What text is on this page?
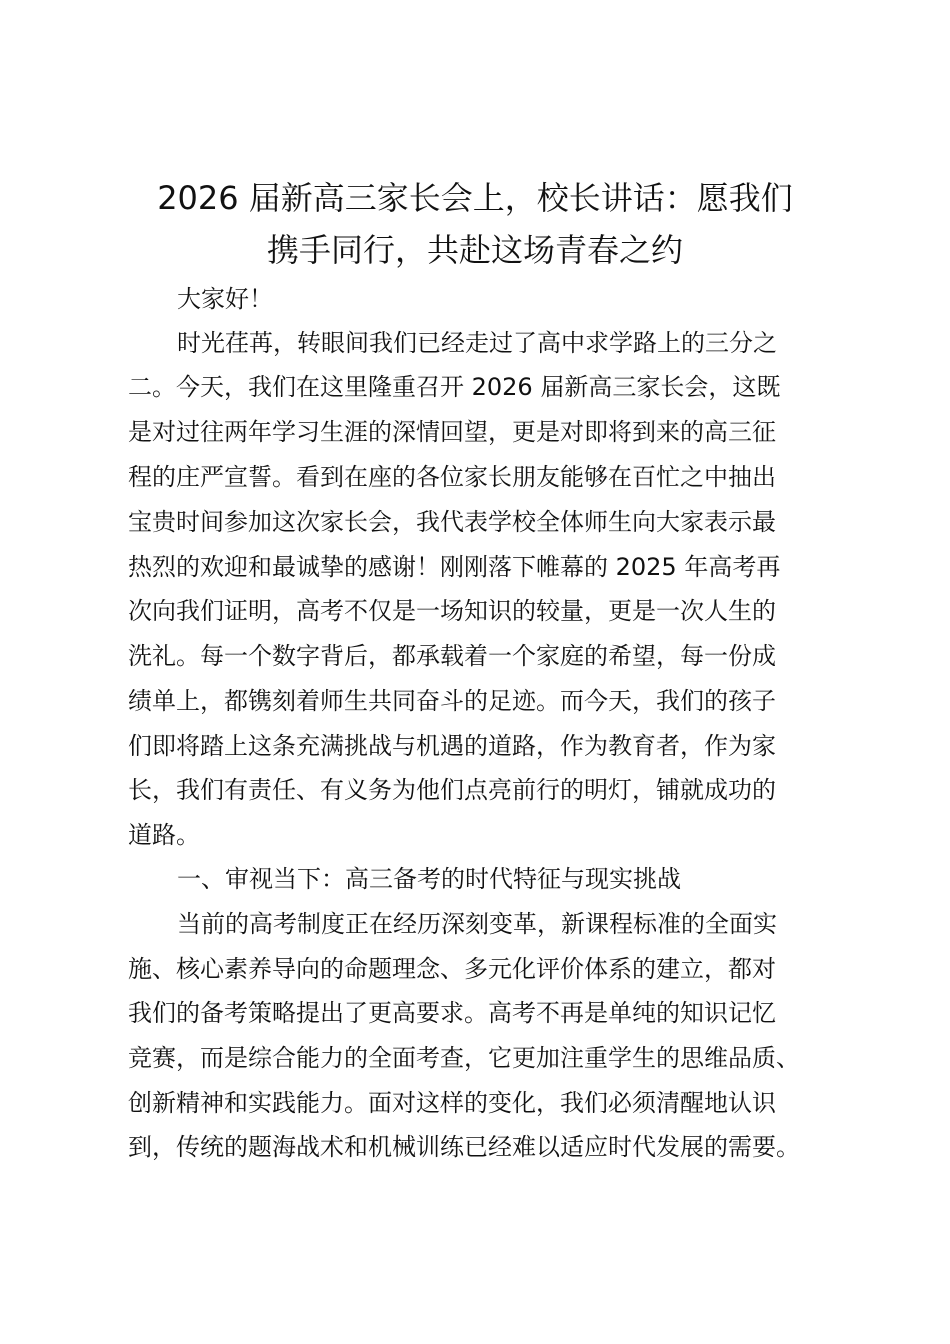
2026 届新高三家长会上，校长讲话：愿我们
携手同行，共赴这场青春之约
大家好！
时光荏苒，转眼间我们已经走过了高中求学路上的三分之
二。今天，我们在这里隆重召开 2026 届新高三家长会，这既
是对过往两年学习生涯的深情回望，更是对即将到来的高三征
程的庄严宣誓。看到在座的各位家长朋友能够在百忙之中抽出
宝贵时间参加这次家长会，我代表学校全体师生向大家表示最
热烈的欢迎和最诚挚的感谢！刚刚落下帷幕的 2025 年高考再
次向我们证明，高考不仅是一场知识的较量，更是一次人生的
洗礼。每一个数字背后，都承载着一个家庭的希望，每一份成
绩单上，都镌刻着师生共同奋斗的足迹。而今天，我们的孩子
们即将踏上这条充满挑战与机遇的道路，作为教育者，作为家
长，我们有责任、有义务为他们点亮前行的明灯，铺就成功的
道路。
一、审视当下：高三备考的时代特征与现实挑战
当前的高考制度正在经历深刻变革，新课程标准的全面实
施、核心素养导向的命题理念、多元化评价体系的建立，都对
我们的备考策略提出了更高要求。高考不再是单纯的知识记忆
竞赛，而是综合能力的全面考查，它更加注重学生的思维品质、
创新精神和实践能力。面对这样的变化，我们必须清醒地认识
到，传统的题海战术和机械训练已经难以适应时代发展的需要。
